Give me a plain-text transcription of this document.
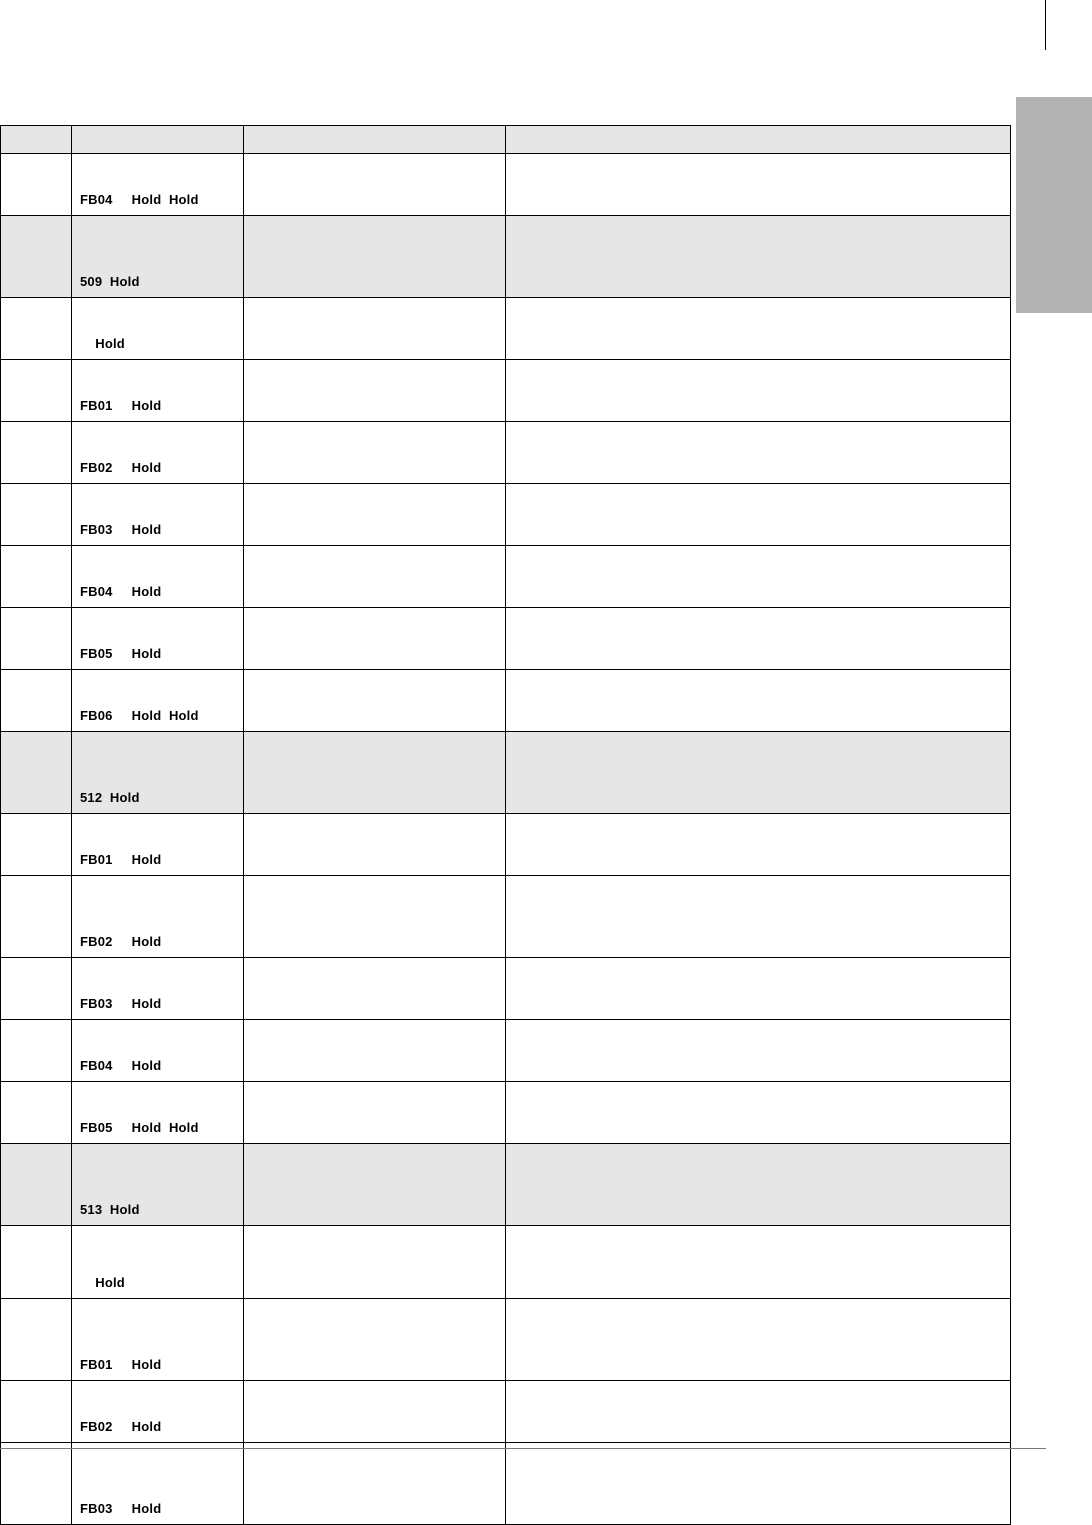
	FB04     Hold  Hold		
	509  Hold		
	Hold		
	FB01     Hold		
	FB02     Hold		
	FB03     Hold		
	FB04     Hold		
	FB05     Hold		
	FB06     Hold  Hold		
	512  Hold		
	FB01     Hold		
	FB02     Hold		
	FB03     Hold		
	FB04     Hold		
	FB05     Hold  Hold		
	513  Hold		
	Hold		
	FB01     Hold		
	FB02     Hold		
	FB03     Hold		
